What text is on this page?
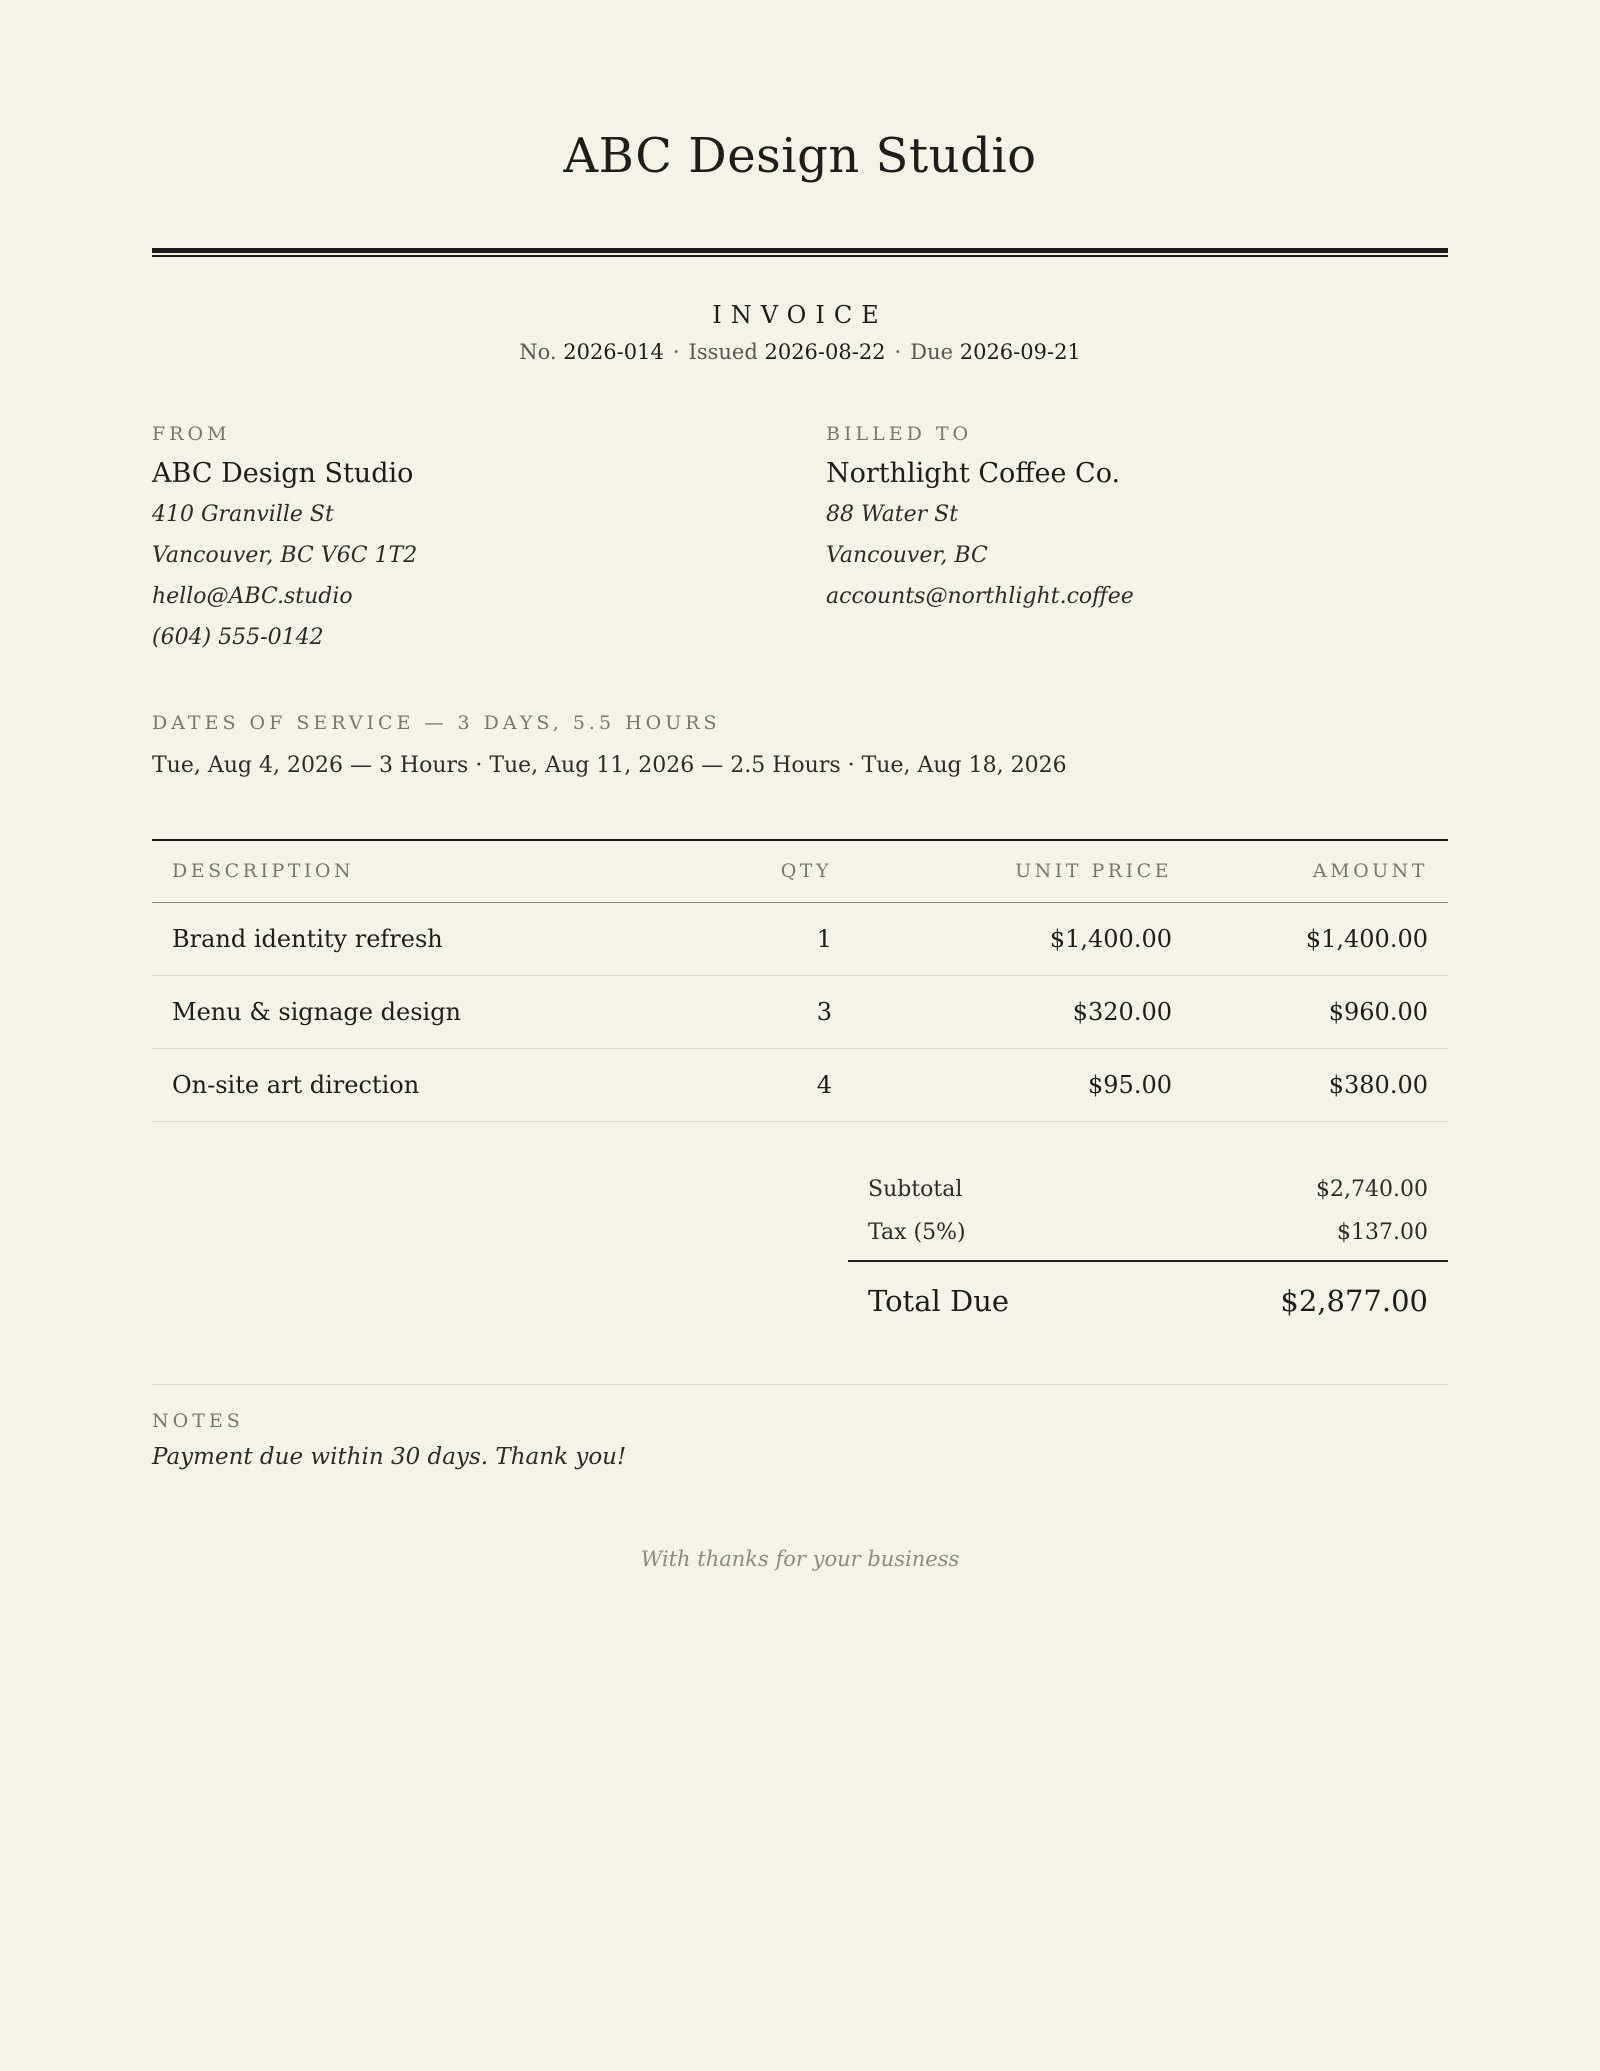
ABC Design Studio
INVOICE
No. 2026-014 · Issued 2026-08-22 · Due 2026-09-21
FROM
ABC Design Studio
410 Granville St
Vancouver, BC V6C 1T2
hello@ABC.studio
(604) 555-0142
BILLED TO
Northlight Coffee Co.
88 Water St
Vancouver, BC
accounts@northlight.coffee
DATES OF SERVICE — 3 DAYS, 5.5 HOURS
Tue, Aug 4, 2026 — 3 Hours · Tue, Aug 11, 2026 — 2.5 Hours · Tue, Aug 18, 2026
DESCRIPTION	QTY	UNIT PRICE	AMOUNT
Brand identity refresh	1	$1,400.00	$1,400.00
Menu & signage design	3	$320.00	$960.00
On-site art direction	4	$95.00	$380.00
Subtotal	$2,740.00
Tax (5%)	$137.00
Total Due	$2,877.00
NOTES
Payment due within 30 days. Thank you!
With thanks for your business
